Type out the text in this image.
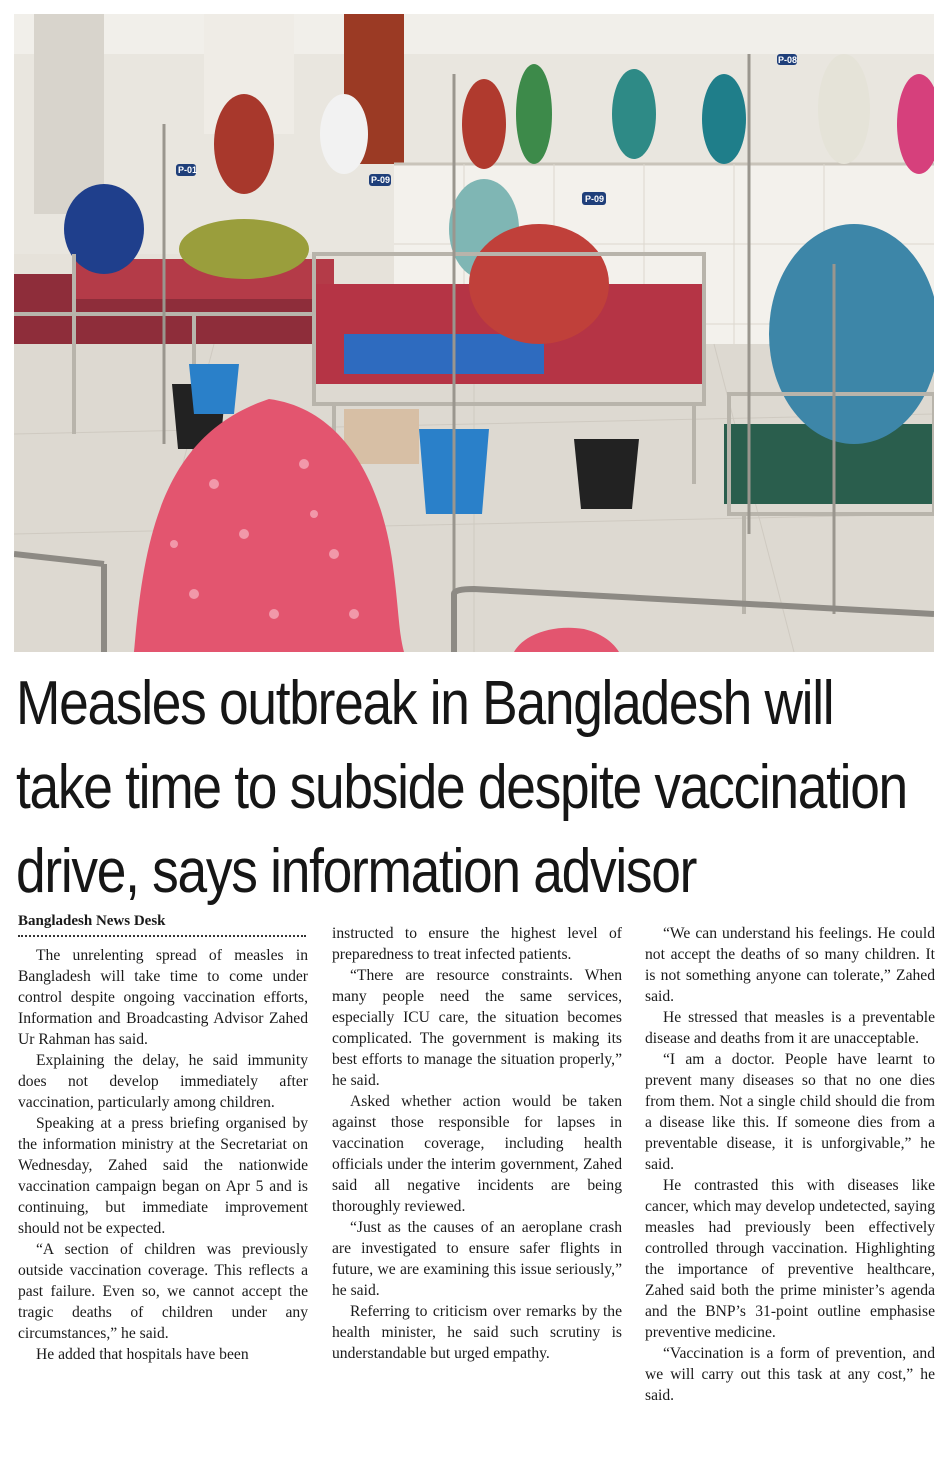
P-01
P-09
P-09
P-08
Measles outbreak in Bangladesh will
take time to subside despite vaccination
drive, says information advisor
Bangladesh News Desk

The unrelenting spread of measles in Bangladesh will take time to come under control despite ongoing vaccination efforts, Information and Broadcasting Advisor Zahed Ur Rahman has said.

Explaining the delay, he said immunity does not develop immediately after vaccination, particularly among children.

Speaking at a press briefing organised by the information ministry at the Secretariat on Wednesday, Zahed said the nationwide vaccination campaign began on Apr 5 and is continuing, but immediate improvement should not be expected.

“A section of children was previously outside vaccination coverage. This reflects a past failure. Even so, we cannot accept the tragic deaths of children under any circumstances,” he said.

He added that hospitals have been

instructed to ensure the highest level of preparedness to treat infected patients.

“There are resource constraints. When many people need the same services, especially ICU care, the situation becomes complicated. The government is making its best efforts to manage the situation properly,” he said.

Asked whether action would be taken against those responsible for lapses in vaccination coverage, including health officials under the interim government, Zahed said all negative incidents are being thoroughly reviewed.

“Just as the causes of an aeroplane crash are investigated to ensure safer flights in future, we are examining this issue seriously,” he said.

Referring to criticism over remarks by the health minister, he said such scrutiny is understandable but urged empathy.

“We can understand his feelings. He could not accept the deaths of so many children. It is not something anyone can tolerate,” Zahed said.

He stressed that measles is a preventable disease and deaths from it are unacceptable.

“I am a doctor. People have learnt to prevent many diseases so that no one dies from them. Not a single child should die from a disease like this. If someone dies from a preventable disease, it is unforgivable,” he said.

He contrasted this with diseases like cancer, which may develop undetected, saying measles had previously been effectively controlled through vaccination. Highlighting the importance of preventive healthcare, Zahed said both the prime minister’s agenda and the BNP’s 31-point outline emphasise preventive medicine.

“Vaccination is a form of prevention, and we will carry out this task at any cost,” he said.
